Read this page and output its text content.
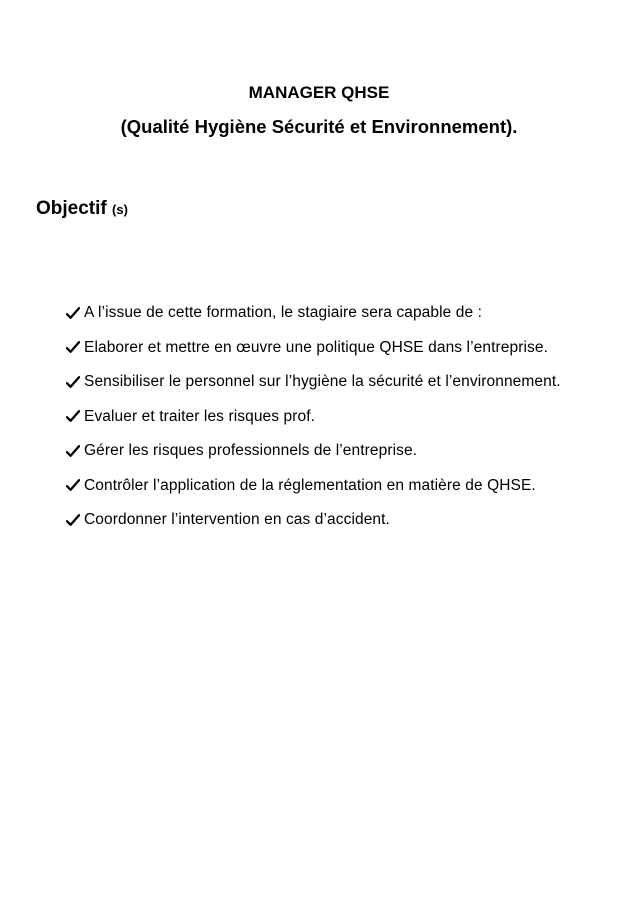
MANAGER QHSE
(Qualité Hygiène Sécurité et Environnement).
Objectif (s)
A l’issue de cette formation, le stagiaire sera capable de :
Elaborer et mettre en œuvre une politique QHSE dans l’entreprise.
Sensibiliser le personnel sur l’hygiène la sécurité et l’environnement.
Evaluer et traiter les risques prof.
Gérer les risques professionnels de l’entreprise.
Contrôler l’application de la réglementation en matière de QHSE.
Coordonner l’intervention en cas d’accident.
